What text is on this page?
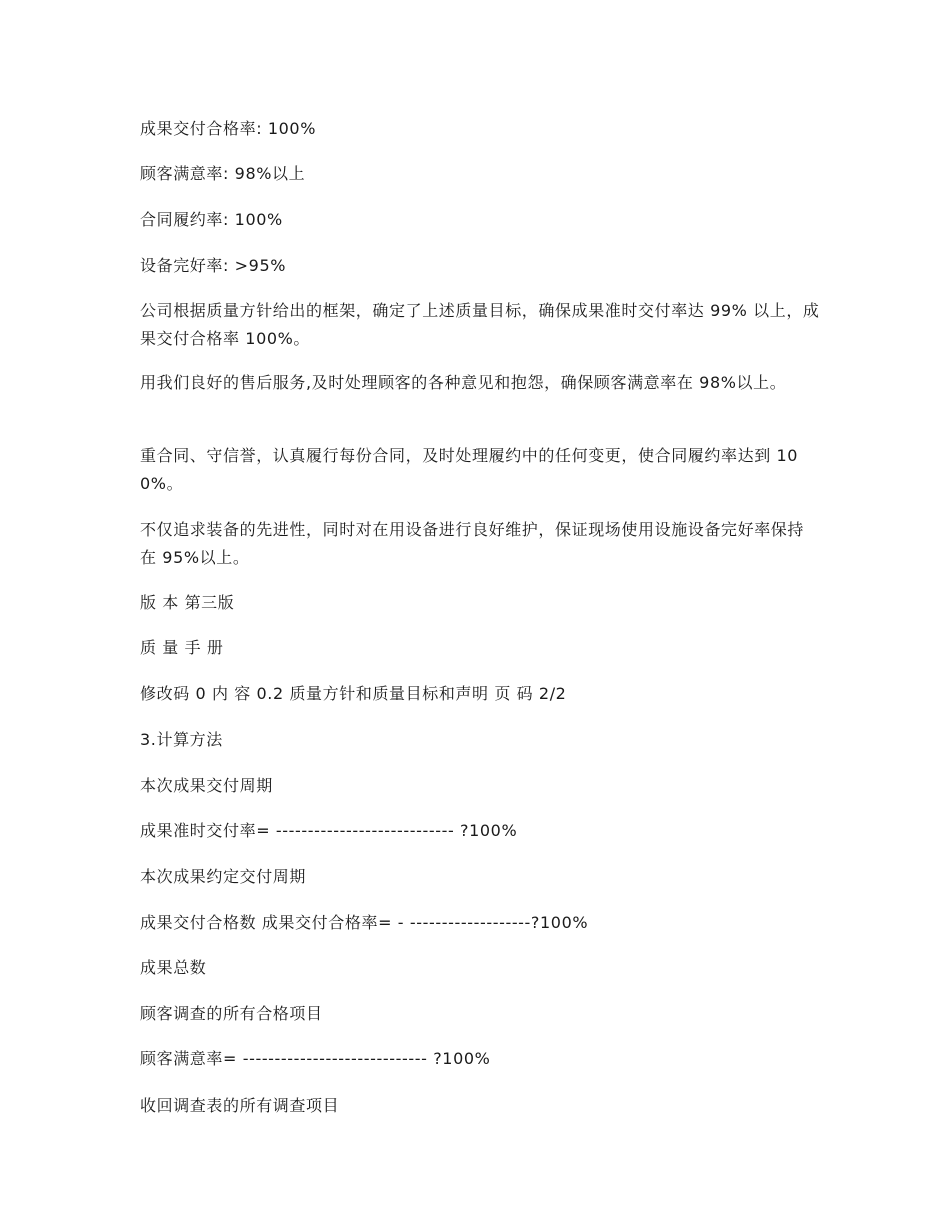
成果交付合格率: 100%

顾客满意率: 98%以上

合同履约率: 100%

设备完好率: >95%

公司根据质量方针给出的框架，确定了上述质量目标，确保成果准时交付率达 99% 以上，成果交付合格率 100%。

用我们良好的售后服务,及时处理顾客的各种意见和抱怨，确保顾客满意率在 98%以上。

重合同、守信誉，认真履行每份合同，及时处理履约中的任何变更，使合同履约率达到 100%。

不仅追求装备的先进性，同时对在用设备进行良好维护，保证现场使用设施设备完好率保持在 95%以上。

版 本 第三版

质 量 手 册

修改码 0 内 容 0.2 质量方针和质量目标和声明 页 码 2/2

3.计算方法

本次成果交付周期

成果准时交付率= ---------------------------- ?100%

本次成果约定交付周期

成果交付合格数 成果交付合格率= - -------------------?100%

成果总数

顾客调查的所有合格项目

顾客满意率= ----------------------------- ?100%

收回调查表的所有调查项目
